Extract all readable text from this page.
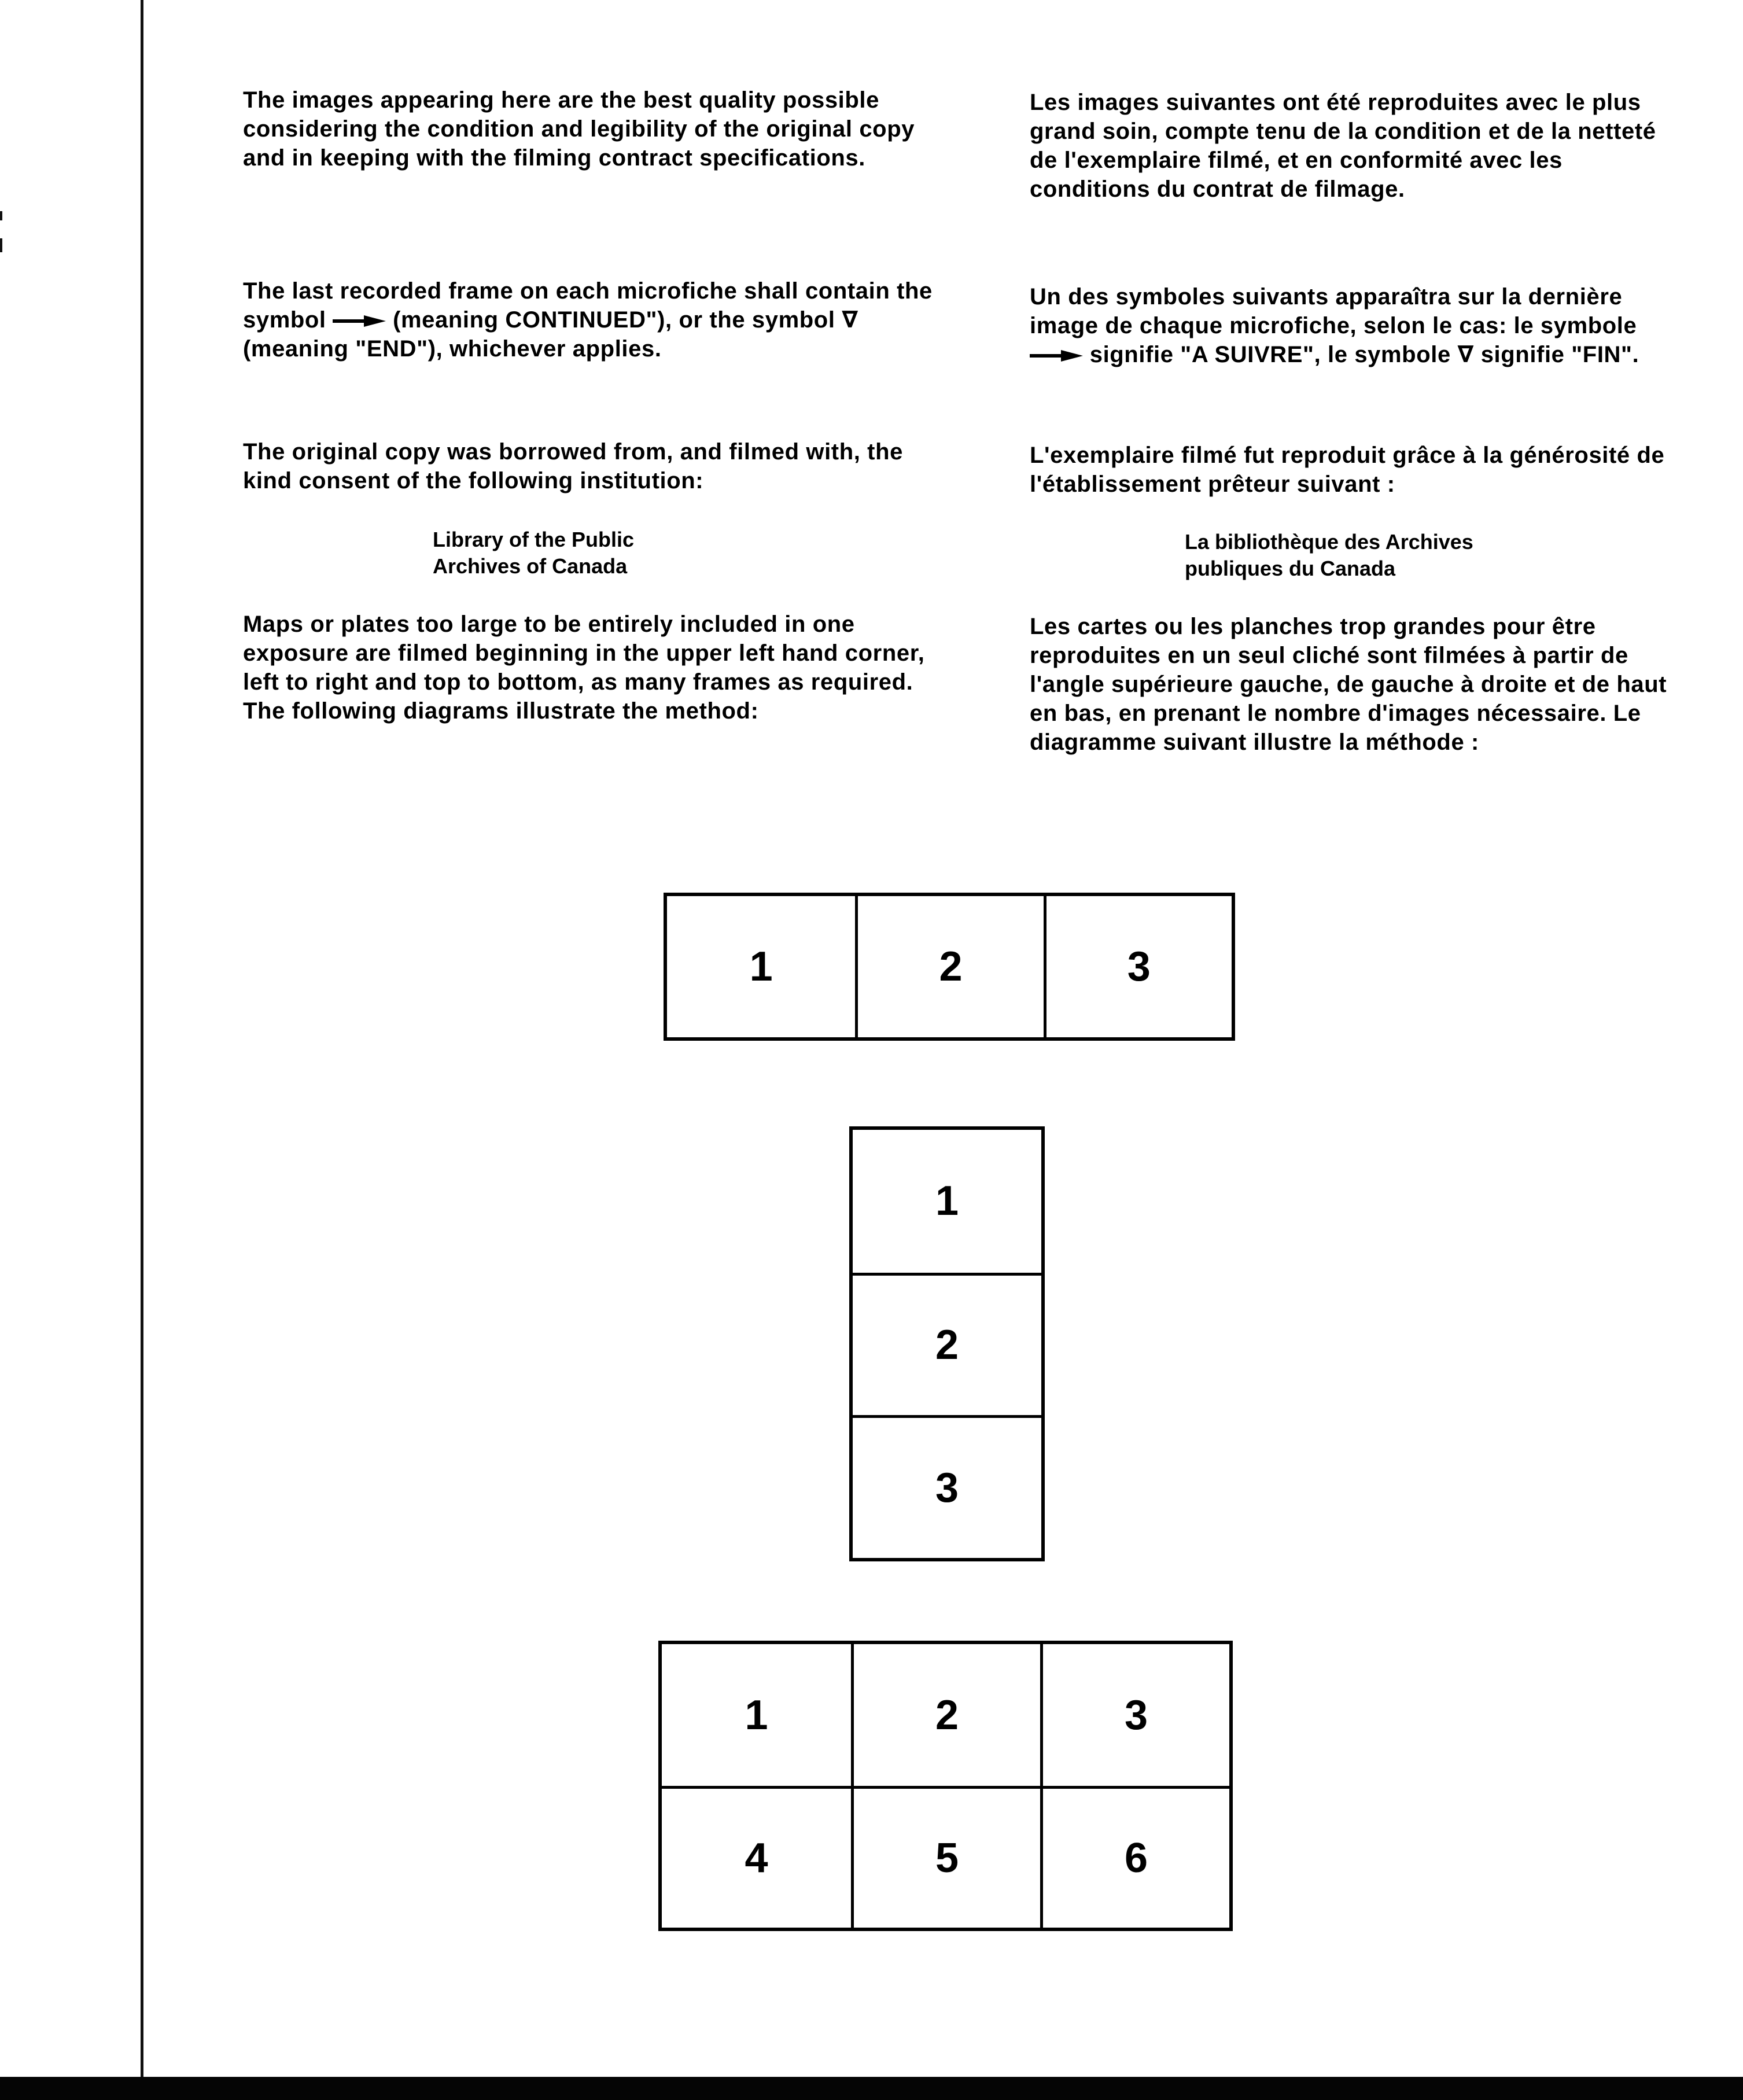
The images appearing here are the best quality possible considering the condition and legibility of the original copy and in keeping with the filming contract specifications.

The last recorded frame on each microfiche shall contain the symbol	(meaning CONTINUED"), or the symbol ∇ (meaning "END"), whichever applies.

The original copy was borrowed from, and filmed with, the kind consent of the following institution:

Library of the Public

Archives of Canada

Maps or plates too large to be entirely included in one exposure are filmed beginning in the upper left hand corner, left to right and top to bottom, as many frames as required. The following diagrams illustrate the method:

Les images suivantes ont été reproduites avec le plus grand soin, compte tenu de la condition et de la netteté de l'exemplaire filmé, et en conformité avec les conditions du contrat de filmage.

Un des symboles suivants apparaîtra sur la dernière image de chaque microfiche, selon le cas: le symbole  signifie "A SUIVRE", le symbole ∇ signifie "FIN".

L'exemplaire filmé fut reproduit grâce à la générosité de l'établissement prêteur suivant :

La bibliothèque des Archives

publiques du Canada

Les cartes ou les planches trop grandes pour être reproduites en un seul cliché sont filmées à partir de l'angle supérieure gauche, de gauche à droite et de haut en bas, en prenant le nombre d'images nécessaire. Le diagramme suivant illustre la méthode :

1	2	3
1
2
3
1	2	3
4	5	6
